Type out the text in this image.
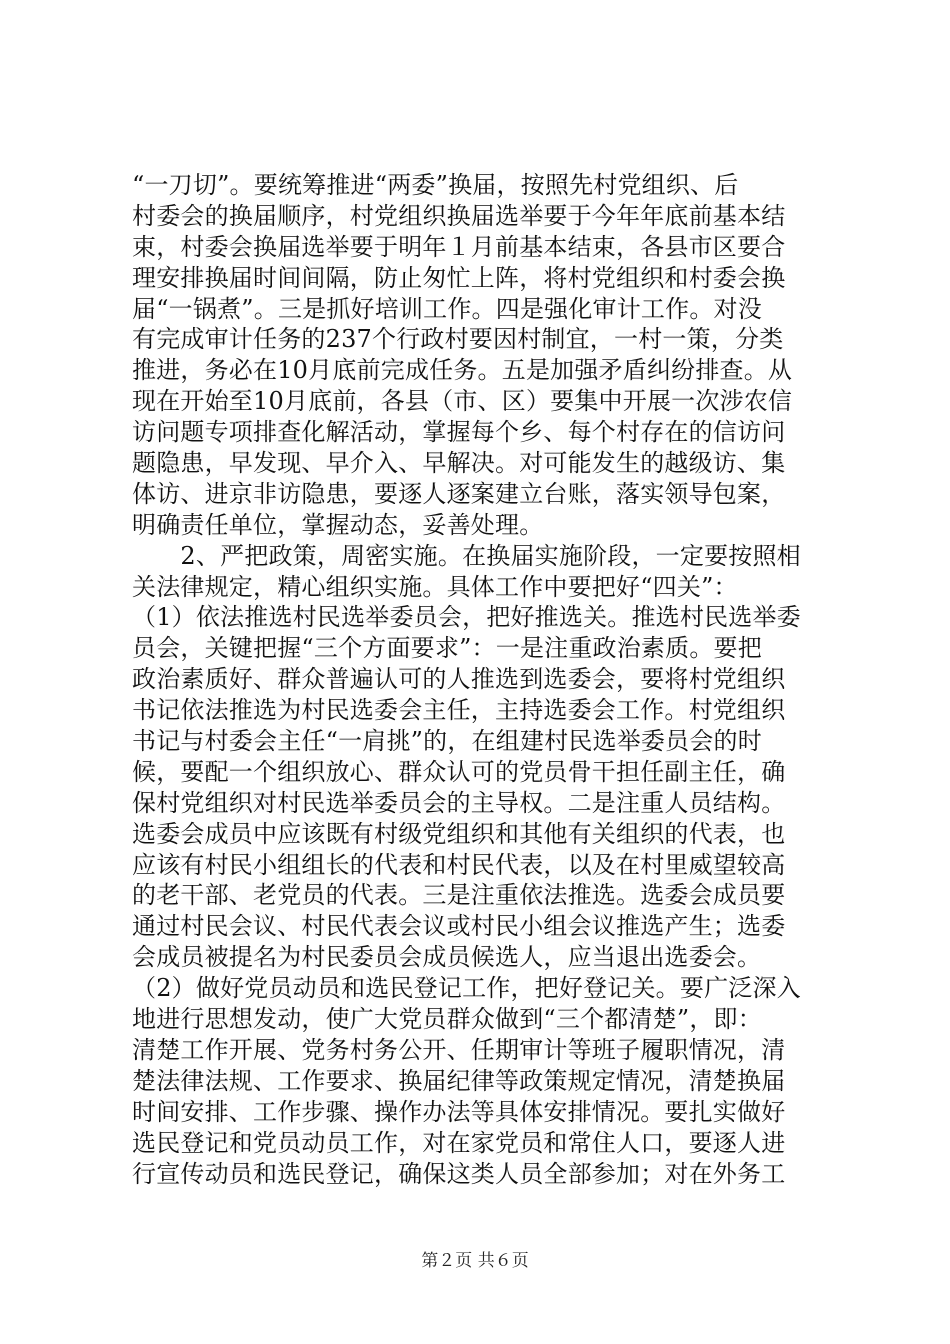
“一刀切”。要统筹推进“两委”换届，按照先村党组织、后
村委会的换届顺序，村党组织换届选举要于今年年底前基本结
束，村委会换届选举要于明年１月前基本结束，各县市区要合
理安排换届时间间隔，防止匆忙上阵，将村党组织和村委会换
届“一锅煮”。三是抓好培训工作。四是强化审计工作。对没
有完成审计任务的237个行政村要因村制宜，一村一策，分类
推进，务必在10月底前完成任务。五是加强矛盾纠纷排查。从
现在开始至10月底前，各县（市、区）要集中开展一次涉农信
访问题专项排查化解活动，掌握每个乡、每个村存在的信访问
题隐患，早发现、早介入、早解决。对可能发生的越级访、集
体访、进京非访隐患，要逐人逐案建立台账，落实领导包案，
明确责任单位，掌握动态，妥善处理。
　　2、严把政策，周密实施。在换届实施阶段，一定要按照相
关法律规定，精心组织实施。具体工作中要把好“四关”：
（1）依法推选村民选举委员会，把好推选关。推选村民选举委
员会，关键把握“三个方面要求”：一是注重政治素质。要把
政治素质好、群众普遍认可的人推选到选委会，要将村党组织
书记依法推选为村民选委会主任，主持选委会工作。村党组织
书记与村委会主任“一肩挑”的，在组建村民选举委员会的时
候，要配一个组织放心、群众认可的党员骨干担任副主任，确
保村党组织对村民选举委员会的主导权。二是注重人员结构。
选委会成员中应该既有村级党组织和其他有关组织的代表，也
应该有村民小组组长的代表和村民代表，以及在村里威望较高
的老干部、老党员的代表。三是注重依法推选。选委会成员要
通过村民会议、村民代表会议或村民小组会议推选产生；选委
会成员被提名为村民委员会成员候选人，应当退出选委会。
（2）做好党员动员和选民登记工作，把好登记关。要广泛深入
地进行思想发动，使广大党员群众做到“三个都清楚”，即：
清楚工作开展、党务村务公开、任期审计等班子履职情况，清
楚法律法规、工作要求、换届纪律等政策规定情况，清楚换届
时间安排、工作步骤、操作办法等具体安排情况。要扎实做好
选民登记和党员动员工作，对在家党员和常住人口，要逐人进
行宣传动员和选民登记，确保这类人员全部参加；对在外务工
第２页 共６页
